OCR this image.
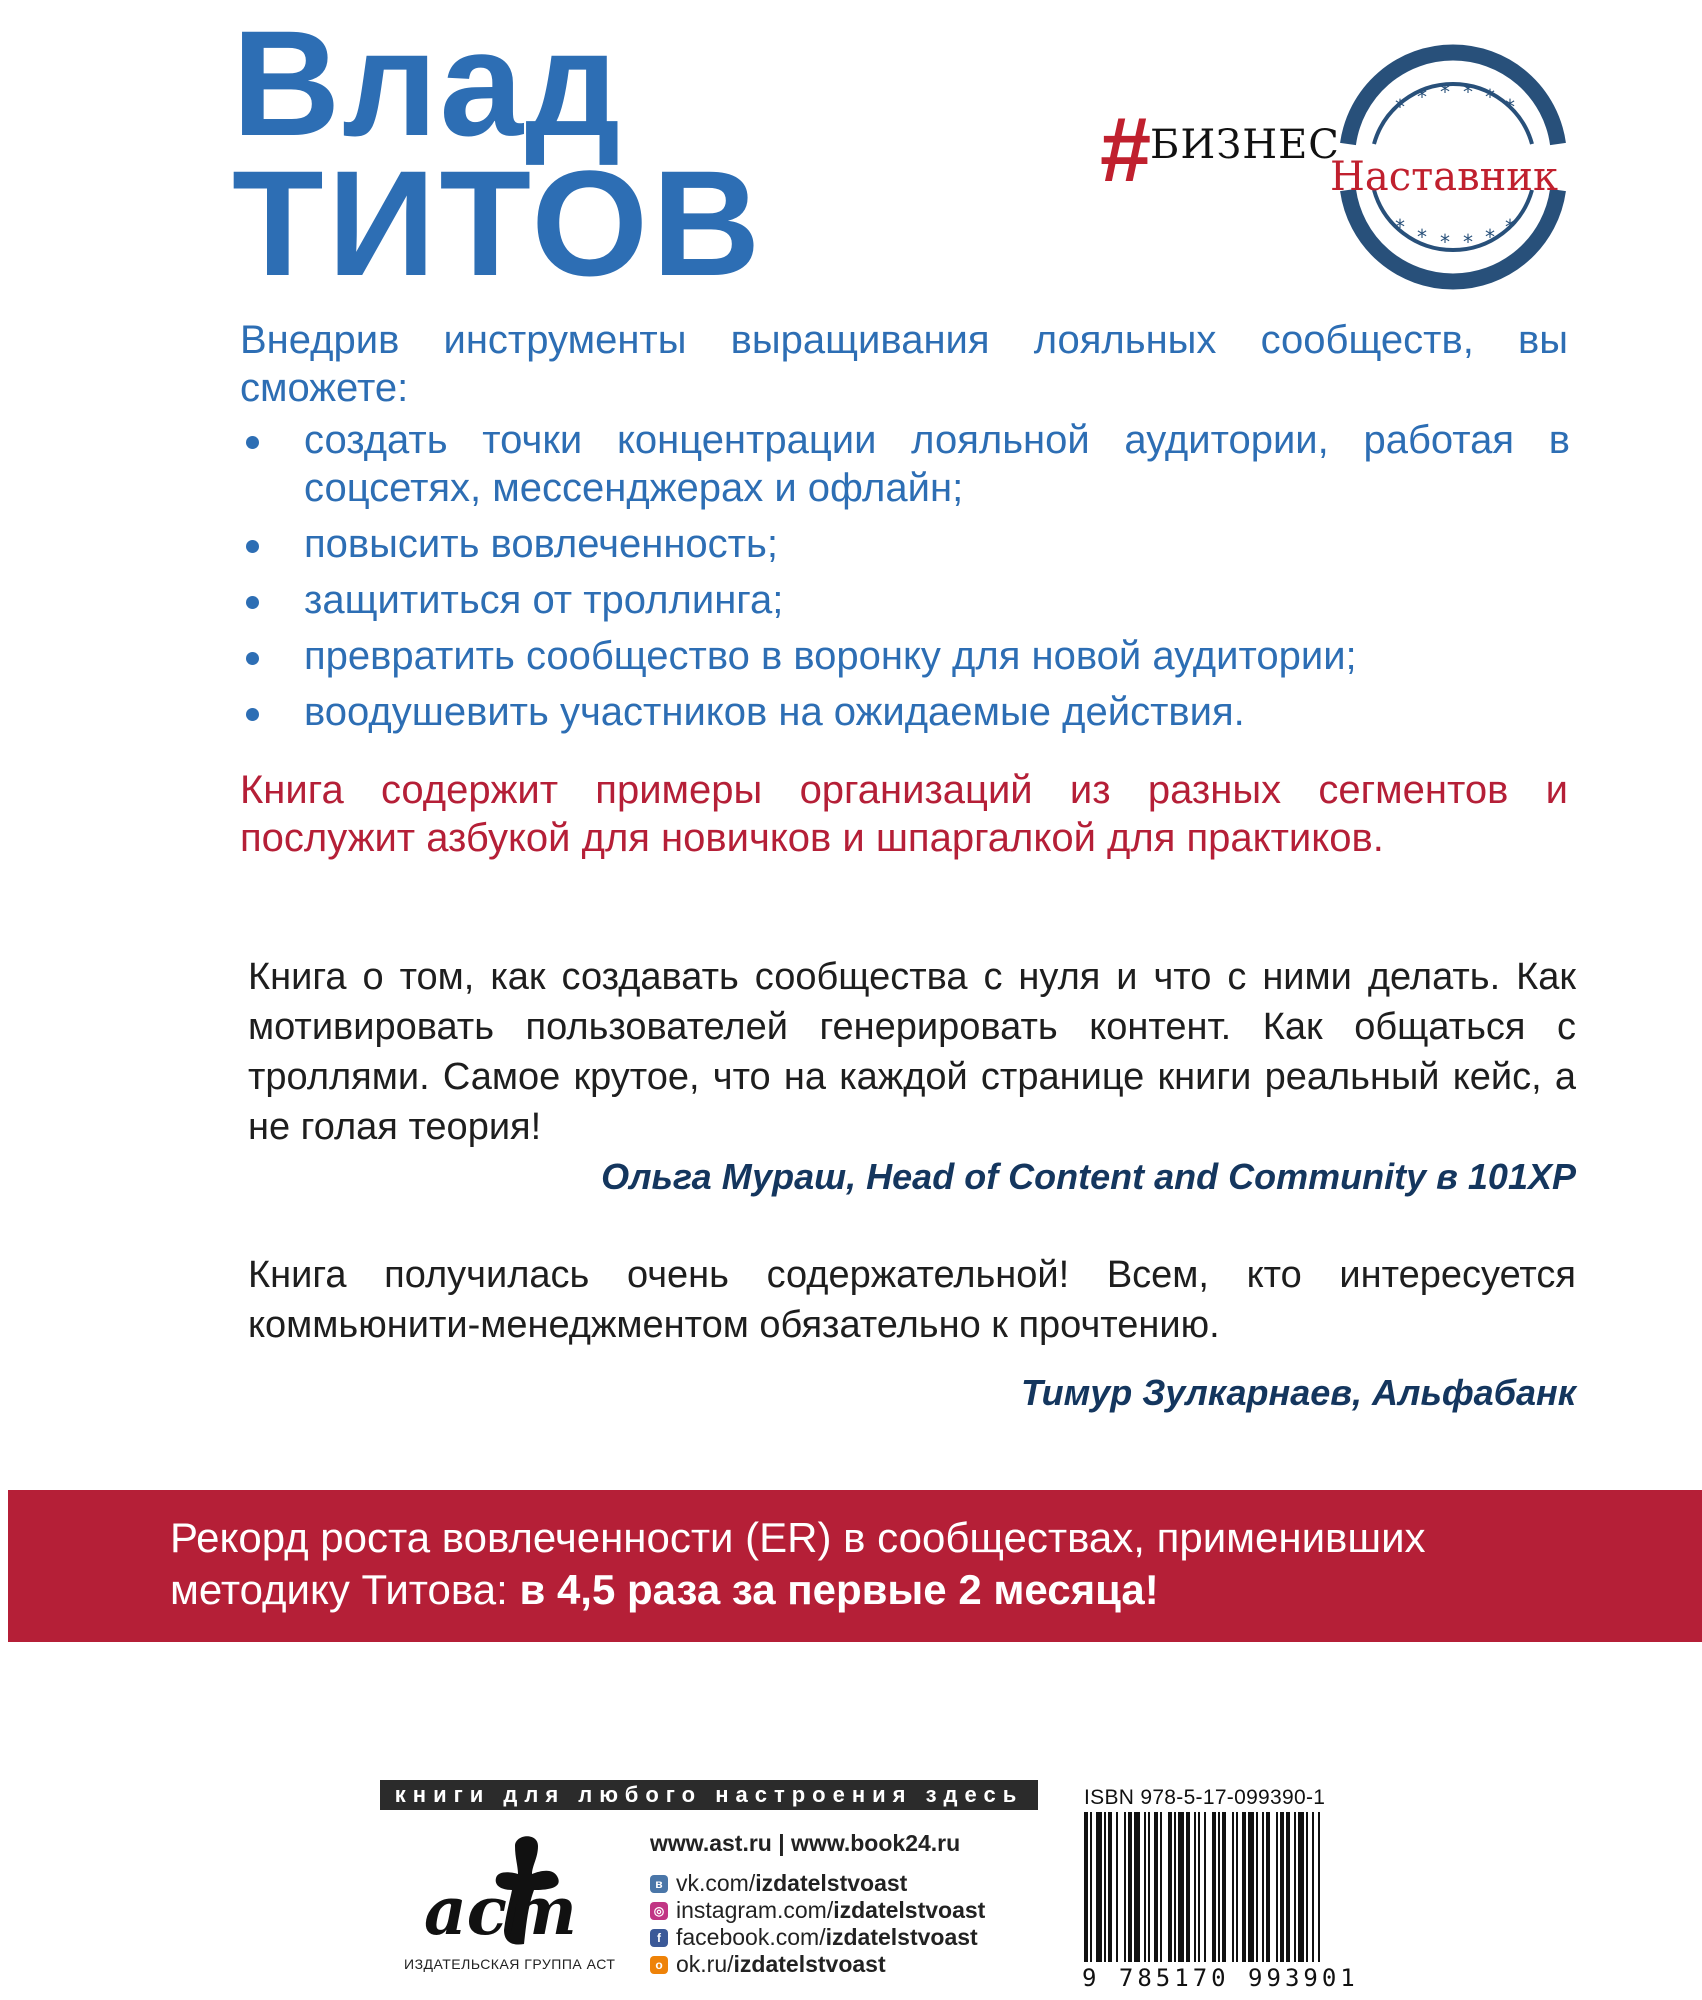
Влад
ТИТОВ
* * * * * *
* * * * * *
#
БИЗНЕС
Наставник

Внедрив инструменты выращивания лояльных сообществ, вы сможете:

создать точки концентрации лояльной аудитории, работая в соцсетях, мессенджерах и офлайн;
повысить вовлеченность;
защититься от троллинга;
превратить сообщество в воронку для новой аудитории;
воодушевить участников на ожидаемые действия.

Книга содержит примеры организаций из разных сегментов и послужит азбукой для новичков и шпаргалкой для практиков.

Книга о том, как создавать сообщества с нуля и что с ними делать. Как мотивировать пользователей генерировать контент. Как общаться с троллями. Самое крутое, что на каждой странице книги реальный кейс, а не голая теория!

Ольга Мураш, Head of Content and Community в 101XP

Книга получилась очень содержательной! Всем, кто интересуется коммьюнити-менеджментом обязательно к прочтению.

Тимур Зулкарнаев, Альфабанк

Рекорд роста вовлеченности (ER) в сообществах, применивших методику Титова: в 4,5 раза за первые 2 месяца!

книги для любого настроения здесь
аст
ИЗДАТЕЛЬСКАЯ ГРУППА АСТ
www.ast.ru | www.book24.ru
в vk.com/ izdatelstvoast
◎ instagram.com/ izdatelstvoast
f facebook.com/ izdatelstvoast
о ok.ru/ izdatelstvoast
ISBN 978-5-17-099390-1
9 785170 993901
